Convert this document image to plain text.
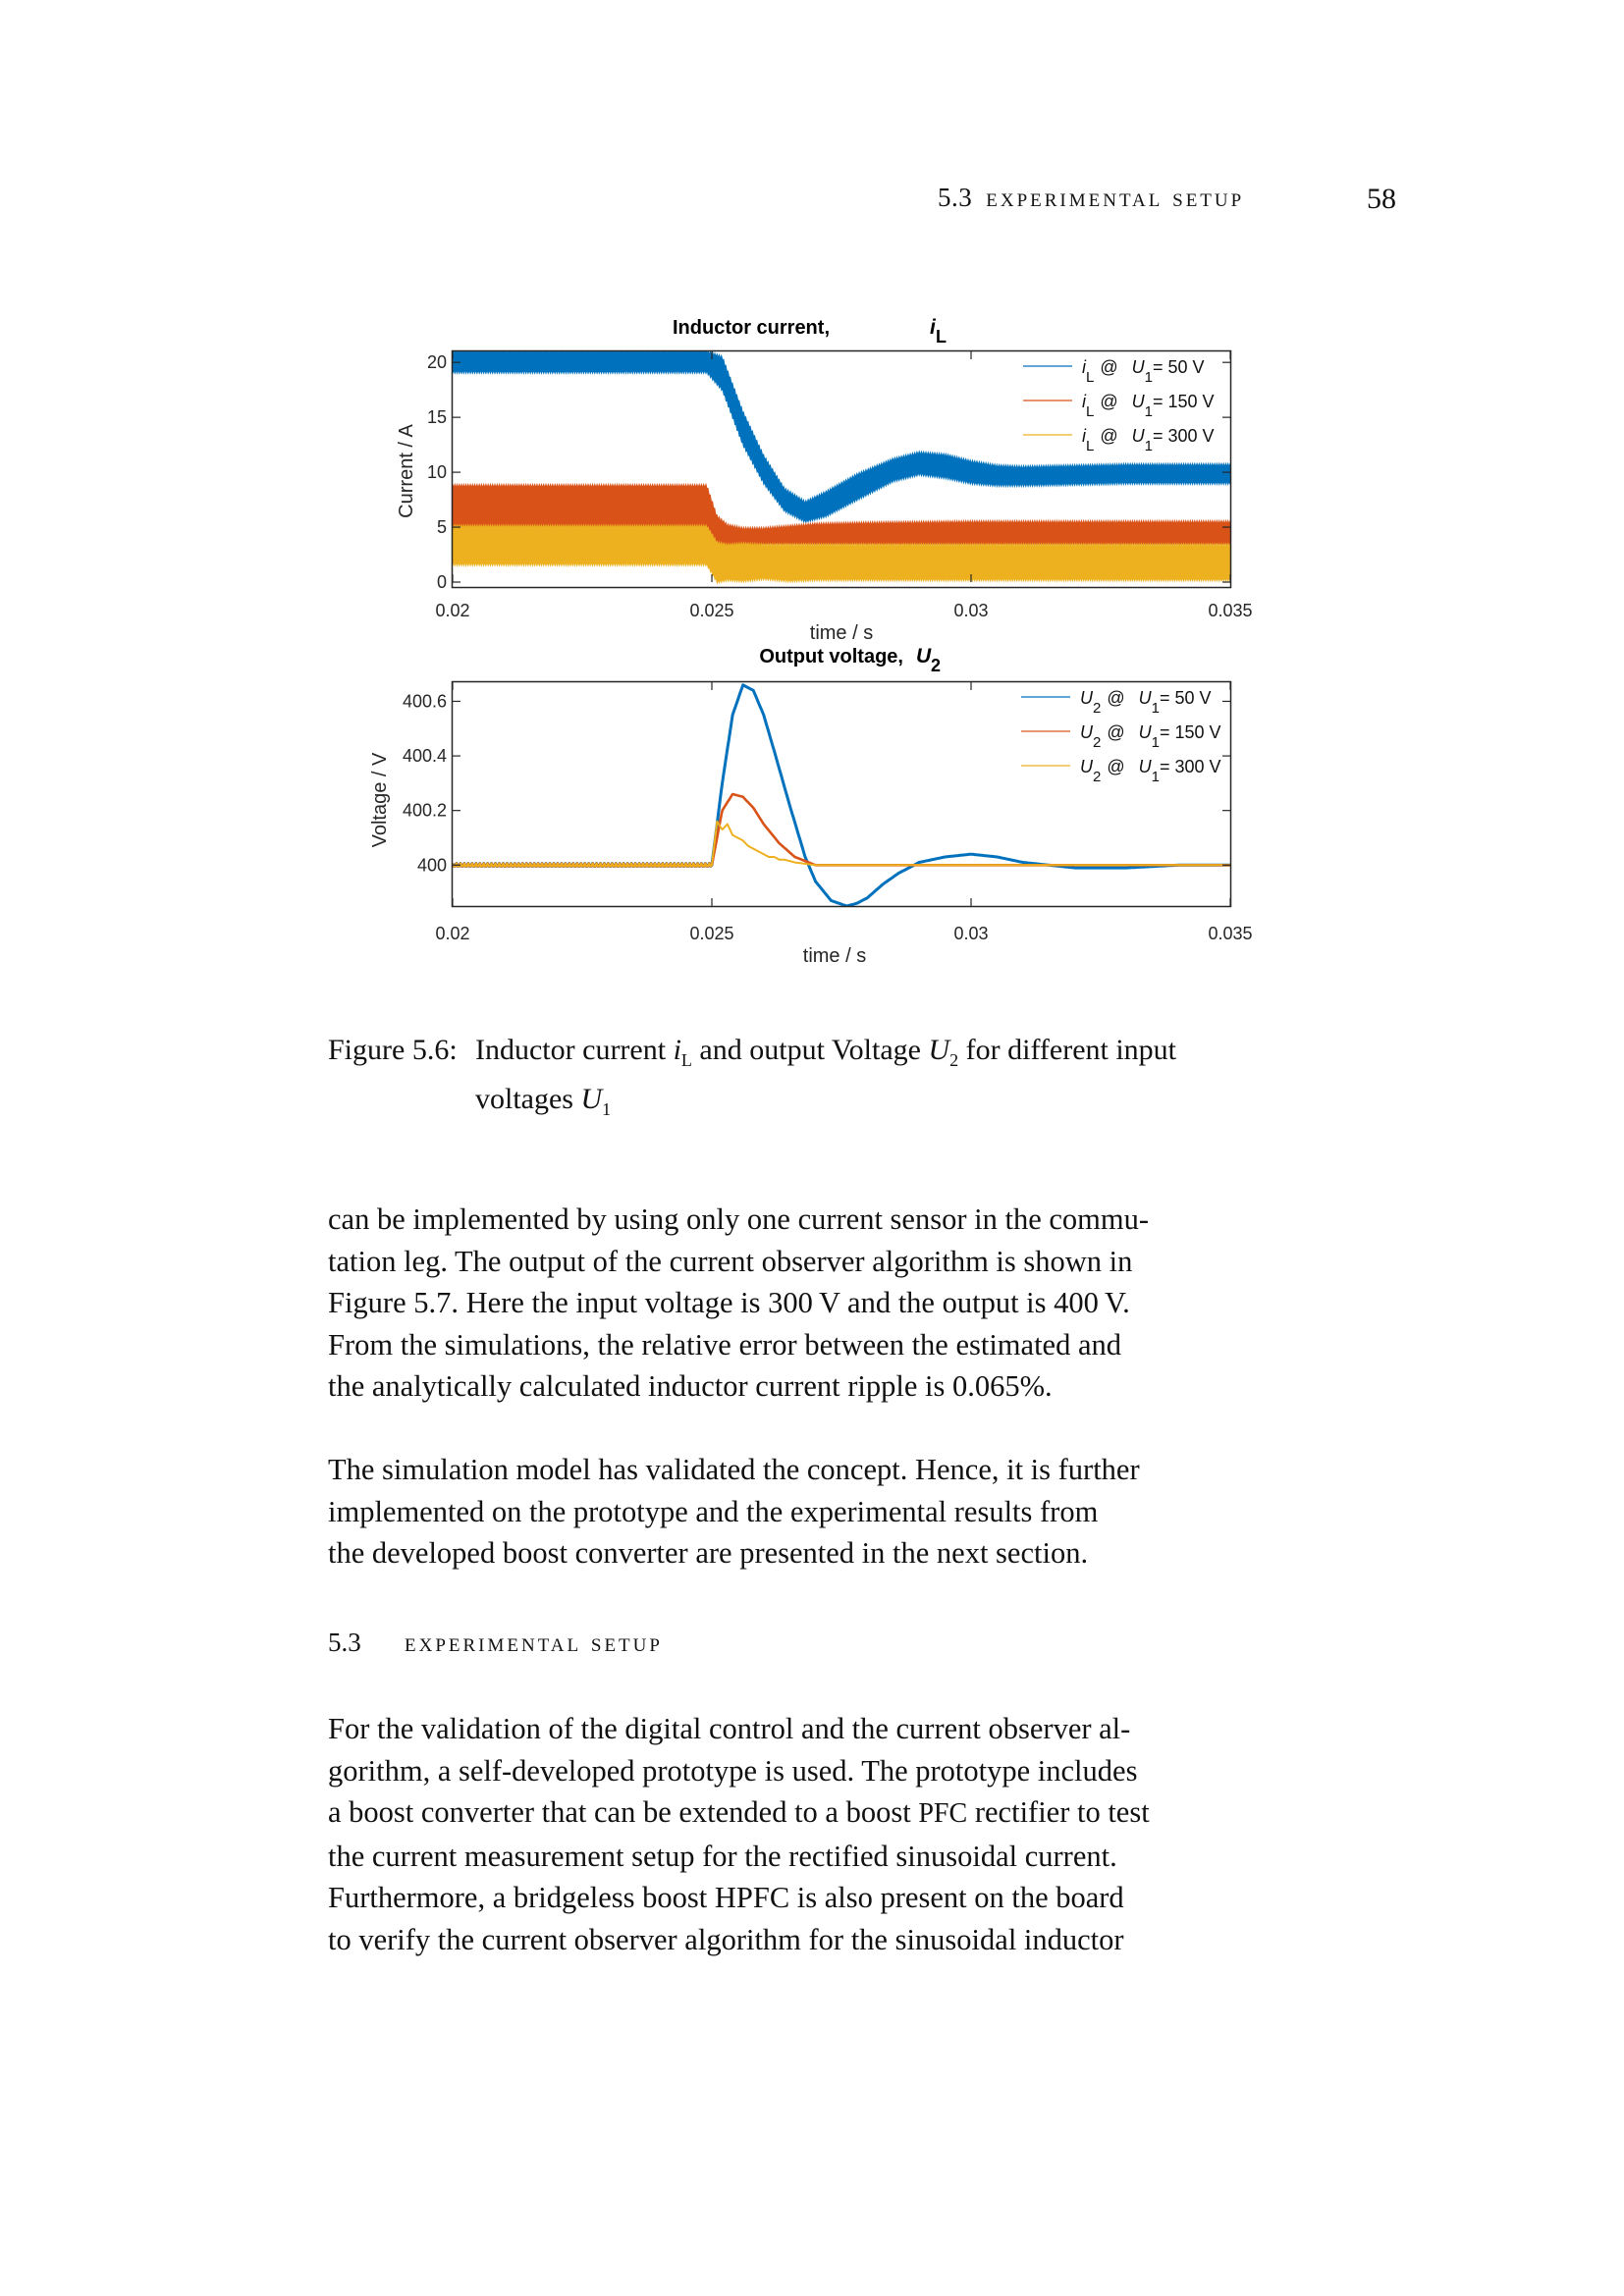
5.3 experimental setup	58
Inductor current,	i L
0.02	0.025	0.03	0.035
0
5
10
15
20
Current / A
time / s
$i_L@$ $U_1= 50$ V
$i_L@$ $U_1= 150$ V
$i_L@$ $U_1= 300$ V
Output voltage, U 2
0.02	0.025	0.03	0.035
400
400.2
400.4
400.6
Voltage / V
time / s
$U_2@$ $U_1= 50$ V
$U_2@$ $U_1= 150$ V
$U_2@$ $U_1= 300$ V
Figure 5.6: Inductor current $i_L$ and output Voltage $U_2$ for different input
voltages $U_1$

can be implemented by using only one current sensor in the commu-

tation leg. The output of the current observer algorithm is shown in

Figure 5.7. Here the input voltage is 300 V and the output is 400 V.

From the simulations, the relative error between the estimated and

the analytically calculated inductor current ripple is 0.065%.

The simulation model has validated the concept. Hence, it is further

implemented on the prototype and the experimental results from

the developed boost converter are presented in the next section.

5.3 experimental setup

For the validation of the digital control and the current observer al-

gorithm, a self-developed prototype is used. The prototype includes

a boost converter that can be extended to a boost PFC rectifier to test

the current measurement setup for the rectified sinusoidal current.

Furthermore, a bridgeless boost HPFC is also present on the board

to verify the current observer algorithm for the sinusoidal inductor
